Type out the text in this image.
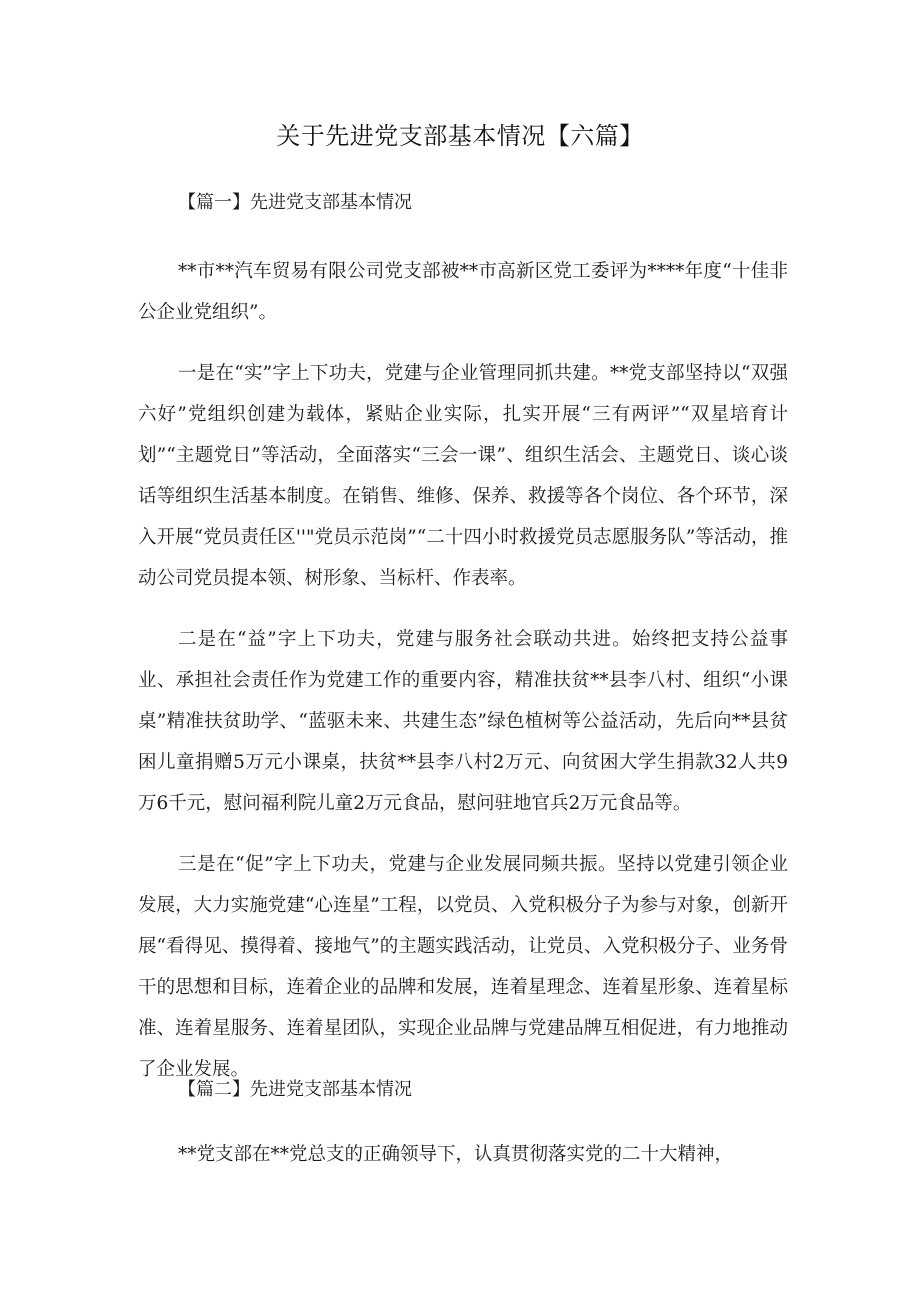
关于先进党支部基本情况【六篇】
【篇一】先进党支部基本情况

**市**汽车贸易有限公司党支部被**市高新区党工委评为****年度“十佳非公企业党组织”。

一是在“实”字上下功夫，党建与企业管理同抓共建。**党支部坚持以“双强六好”党组织创建为载体，紧贴企业实际，扎实开展“三有两评”“双星培育计划”“主题党日”等活动，全面落实“三会一课”、组织生活会、主题党日、谈心谈话等组织生活基本制度。在销售、维修、保养、救援等各个岗位、各个环节，深入开展“党员责任区''"党员示范岗”“二十四小时救援党员志愿服务队”等活动，推动公司党员提本领、树形象、当标杆、作表率。

二是在“益”字上下功夫，党建与服务社会联动共进。始终把支持公益事业、承担社会责任作为党建工作的重要内容，精准扶贫**县李八村、组织“小课桌”精准扶贫助学、“蓝驱未来、共建生态”绿色植树等公益活动，先后向**县贫困儿童捐赠5万元小课桌，扶贫**县李八村2万元、向贫困大学生捐款32人共9万6千元，慰问福利院儿童2万元食品，慰问驻地官兵2万元食品等。

三是在“促”字上下功夫，党建与企业发展同频共振。坚持以党建引领企业发展，大力实施党建“心连星”工程，以党员、入党积极分子为参与对象，创新开展“看得见、摸得着、接地气”的主题实践活动，让党员、入党积极分子、业务骨干的思想和目标，连着企业的品牌和发展，连着星理念、连着星形象、连着星标准、连着星服务、连着星团队，实现企业品牌与党建品牌互相促进，有力地推动了企业发展。

【篇二】先进党支部基本情况

**党支部在**党总支的正确领导下，认真贯彻落实党的二十大精神，
